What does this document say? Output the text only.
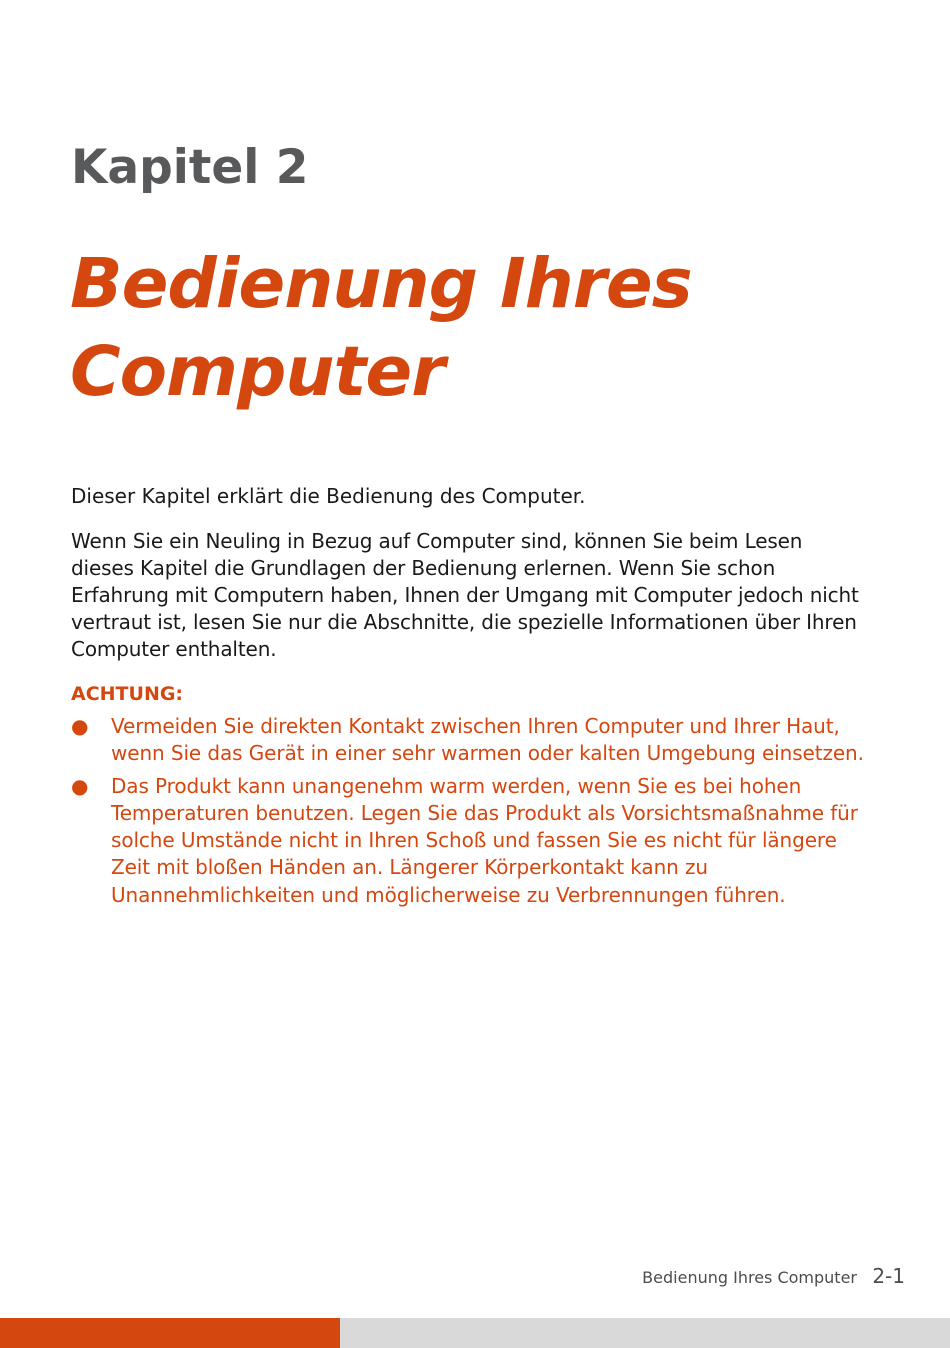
Kapitel 2
Bedienung Ihres
Computer

Dieser Kapitel erklärt die Bedienung des Computer.

Wenn Sie ein Neuling in Bezug auf Computer sind, können Sie beim Lesen dieses Kapitel die Grundlagen der Bedienung erlernen. Wenn Sie schon Erfahrung mit Computern haben, Ihnen der Umgang mit Computer jedoch nicht vertraut ist, lesen Sie nur die Abschnitte, die spezielle Informationen über Ihren Computer enthalten.

ACHTUNG:
● Vermeiden Sie direkten Kontakt zwischen Ihren Computer und Ihrer Haut, wenn Sie das Gerät in einer sehr warmen oder kalten Umgebung einsetzen.
● Das Produkt kann unangenehm warm werden, wenn Sie es bei hohen Temperaturen benutzen. Legen Sie das Produkt als Vorsichtsmaßnahme für solche Umstände nicht in Ihren Schoß und fassen Sie es nicht für längere Zeit mit bloßen Händen an. Längerer Körperkontakt kann zu Unannehmlichkeiten und möglicherweise zu Verbrennungen führen.
Bedienung Ihres Computer 2-1
